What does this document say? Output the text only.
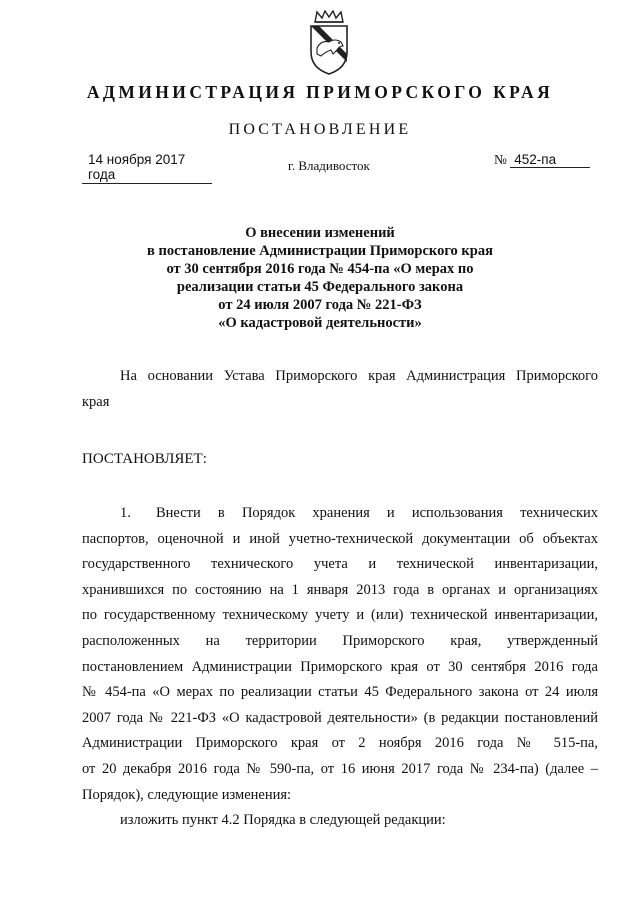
АДМИНИСТРАЦИЯ ПРИМОРСКОГО КРАЯ
ПОСТАНОВЛЕНИЕ
14 ноября 2017 года
г. Владивосток	№ 452-па
О внесении изменений
в постановление Администрации Приморского края
от 30 сентября 2016 года № 454-па «О мерах по
реализации статьи 45 Федерального закона
от 24 июля 2007 года № 221-ФЗ
«О кадастровой деятельности»
На основании Устава Приморского края Администрация Приморского
края
ПОСТАНОВЛЯЕТ:
1. Внести в Порядок хранения и использования технических
паспортов, оценочной и иной учетно-технической документации об объектах
государственного технического учета и технической инвентаризации,
хранившихся по состоянию на 1 января 2013 года в органах и организациях
по государственному техническому учету и (или) технической инвентаризации,
расположенных на территории Приморского края, утвержденный
постановлением Администрации Приморского края от 30 сентября 2016 года
№ 454-па «О мерах по реализации статьи 45 Федерального закона от 24 июля
2007 года № 221-ФЗ «О кадастровой деятельности» (в редакции постановлений
Администрации Приморского края от 2 ноября 2016 года № 515-па,
от 20 декабря 2016 года № 590-па, от 16 июня 2017 года № 234-па) (далее –
Порядок), следующие изменения:
изложить пункт 4.2 Порядка в следующей редакции:
